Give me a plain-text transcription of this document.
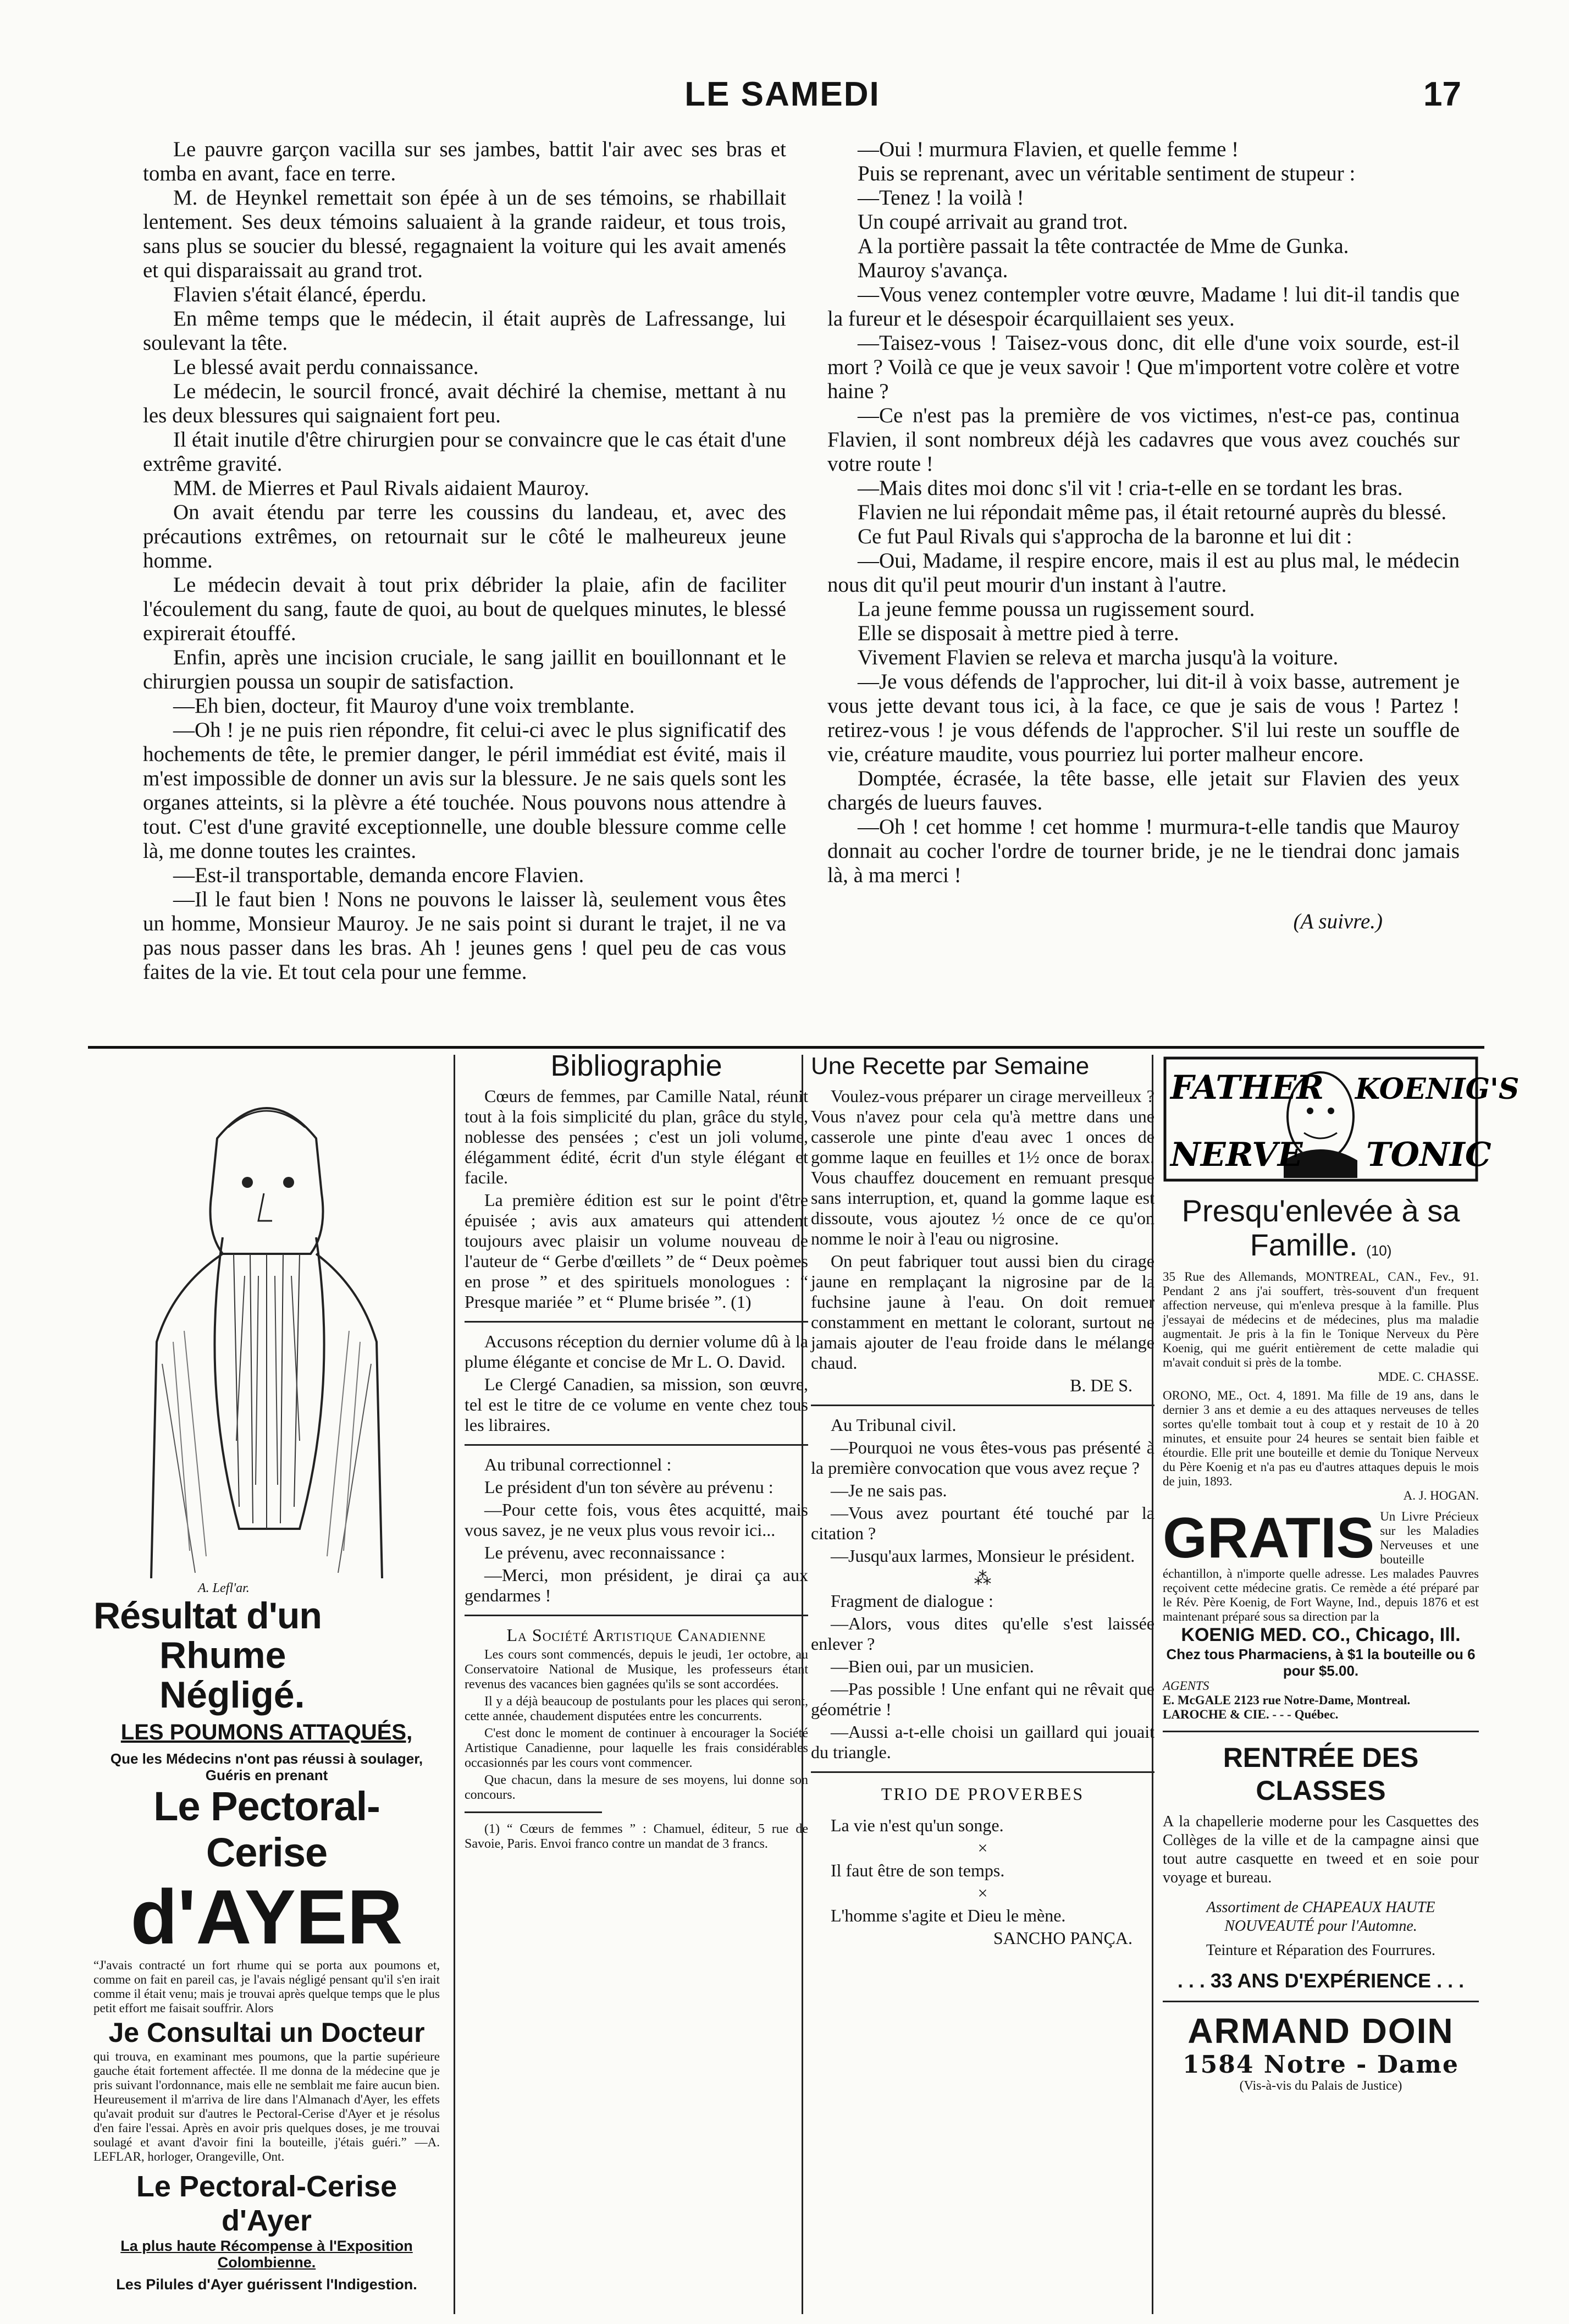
LE SAMEDI	17

Le pauvre garçon vacilla sur ses jambes, battit l'air avec ses bras et tomba en avant, face en terre.

M. de Heynkel remettait son épée à un de ses témoins, se rhabillait lentement. Ses deux témoins saluaient à la grande raideur, et tous trois, sans plus se soucier du blessé, regagnaient la voiture qui les avait amenés et qui disparaissait au grand trot.

Flavien s'était élancé, éperdu.

En même temps que le médecin, il était auprès de Lafressange, lui soulevant la tête.

Le blessé avait perdu connaissance.

Le médecin, le sourcil froncé, avait déchiré la chemise, mettant à nu les deux blessures qui saignaient fort peu.

Il était inutile d'être chirurgien pour se convaincre que le cas était d'une extrême gravité.

MM. de Mierres et Paul Rivals aidaient Mauroy.

On avait étendu par terre les coussins du landeau, et, avec des précautions extrêmes, on retournait sur le côté le malheureux jeune homme.

Le médecin devait à tout prix débrider la plaie, afin de faciliter l'écoulement du sang, faute de quoi, au bout de quelques minutes, le blessé expirerait étouffé.

Enfin, après une incision cruciale, le sang jaillit en bouillonnant et le chirurgien poussa un soupir de satisfaction.

—Eh bien, docteur, fit Mauroy d'une voix tremblante.

—Oh ! je ne puis rien répondre, fit celui-ci avec le plus significatif des hochements de tête, le premier danger, le péril immédiat est évité, mais il m'est impossible de donner un avis sur la blessure. Je ne sais quels sont les organes atteints, si la plèvre a été touchée. Nous pouvons nous attendre à tout. C'est d'une gravité exceptionnelle, une double blessure comme celle là, me donne toutes les craintes.

—Est-il transportable, demanda encore Flavien.

—Il le faut bien ! Nons ne pouvons le laisser là, seulement vous êtes un homme, Monsieur Mauroy. Je ne sais point si durant le trajet, il ne va pas nous passer dans les bras. Ah ! jeunes gens ! quel peu de cas vous faites de la vie. Et tout cela pour une femme.

—Oui ! murmura Flavien, et quelle femme !

Puis se reprenant, avec un véritable sentiment de stupeur :

—Tenez ! la voilà !

Un coupé arrivait au grand trot.

A la portière passait la tête contractée de Mme de Gunka.

Mauroy s'avança.

—Vous venez contempler votre œuvre, Madame ! lui dit-il tandis que la fureur et le désespoir écarquillaient ses yeux.

—Taisez-vous ! Taisez-vous donc, dit elle d'une voix sourde, est-il mort ? Voilà ce que je veux savoir ! Que m'importent votre colère et votre haine ?

—Ce n'est pas la première de vos victimes, n'est-ce pas, continua Flavien, il sont nombreux déjà les cadavres que vous avez couchés sur votre route !

—Mais dites moi donc s'il vit ! cria-t-elle en se tordant les bras.

Flavien ne lui répondait même pas, il était retourné auprès du blessé.

Ce fut Paul Rivals qui s'approcha de la baronne et lui dit :

—Oui, Madame, il respire encore, mais il est au plus mal, le médecin nous dit qu'il peut mourir d'un instant à l'autre.

La jeune femme poussa un rugissement sourd.

Elle se disposait à mettre pied à terre.

Vivement Flavien se releva et marcha jusqu'à la voiture.

—Je vous défends de l'approcher, lui dit-il à voix basse, autrement je vous jette devant tous ici, à la face, ce que je sais de vous ! Partez ! retirez-vous ! je vous défends de l'approcher. S'il lui reste un souffle de vie, créature maudite, vous pourriez lui porter malheur encore.

Domptée, écrasée, la tête basse, elle jetait sur Flavien des yeux chargés de lueurs fauves.

—Oh ! cet homme ! cet homme ! murmura-t-elle tandis que Mauroy donnait au cocher l'ordre de tourner bride, je ne le tiendrai donc jamais là, à ma merci !

(A suivre.)

A. Lefl'ar.
Résultat d'un
Rhume Négligé.
LES POUMONS ATTAQUÉS,
Que les Médecins n'ont pas réussi à soulager,
Guéris en prenant
Le Pectoral-Cerise
d'AYER
“J'avais contracté un fort rhume qui se porta aux poumons et, comme on fait en pareil cas, je l'avais négligé pensant qu'il s'en irait comme il était venu; mais je trouvai après quelque temps que le plus petit effort me faisait souffrir. Alors
Je Consultai un Docteur
qui trouva, en examinant mes poumons, que la partie supérieure gauche était fortement affectée. Il me donna de la médecine que je pris suivant l'ordonnance, mais elle ne semblait me faire aucun bien. Heureusement il m'arriva de lire dans l'Almanach d'Ayer, les effets qu'avait produit sur d'autres le Pectoral-Cerise d'Ayer et je résolus d'en faire l'essai. Après en avoir pris quelques doses, je me trouvai soulagé et avant d'avoir fini la bouteille, j'étais guéri.” —A. LEFLAR, horloger, Orangeville, Ont.
Le Pectoral-Cerise d'Ayer
La plus haute Récompense à l'Exposition Colombienne.
Les Pilules d'Ayer guérissent l'Indigestion.
Bibliographie

Cœurs de femmes, par Camille Natal, réunit tout à la fois simplicité du plan, grâce du style, noblesse des pensées ; c'est un joli volume, élégamment édité, écrit d'un style élégant et facile.

La première édition est sur le point d'être épuisée ; avis aux amateurs qui attendent toujours avec plaisir un volume nouveau de l'auteur de “ Gerbe d'œillets ” de “ Deux poèmes en prose ” et des spirituels monologues : “ Presque mariée ” et “ Plume brisée ”. (1)

Accusons réception du dernier volume dû à la plume élégante et concise de Mr L. O. David.

Le Clergé Canadien, sa mission, son œuvre, tel est le titre de ce volume en vente chez tous les libraires.

Au tribunal correctionnel :

Le président d'un ton sévère au prévenu :

—Pour cette fois, vous êtes acquitté, mais vous savez, je ne veux plus vous revoir ici...

Le prévenu, avec reconnaissance :

—Merci, mon président, je dirai ça aux gendarmes !

La Société Artistique Canadienne

Les cours sont commencés, depuis le jeudi, 1er octobre, au Conservatoire National de Musique, les professeurs étant revenus des vacances bien gagnées qu'ils se sont accordées.

Il y a déjà beaucoup de postulants pour les places qui seront, cette année, chaudement disputées entre les concurrents.

C'est donc le moment de continuer à encourager la Société Artistique Canadienne, pour laquelle les frais considérables occasionnés par les cours vont commencer.

Que chacun, dans la mesure de ses moyens, lui donne son concours.

(1) “ Cœurs de femmes ” : Chamuel, éditeur, 5 rue de Savoie, Paris. Envoi franco contre un mandat de 3 francs.

Une Recette par Semaine

Voulez-vous préparer un cirage merveilleux ? Vous n'avez pour cela qu'à mettre dans une casserole une pinte d'eau avec 1 onces de gomme laque en feuilles et 1½ once de borax. Vous chauffez doucement en remuant presque sans interruption, et, quand la gomme laque est dissoute, vous ajoutez ½ once de ce qu'on nomme le noir à l'eau ou nigrosine.

On peut fabriquer tout aussi bien du cirage jaune en remplaçant la nigrosine par de la fuchsine jaune à l'eau. On doit remuer constamment en mettant le colorant, surtout ne jamais ajouter de l'eau froide dans le mélange chaud.

B. DE S.

Au Tribunal civil.

—Pourquoi ne vous êtes-vous pas présenté à la première convocation que vous avez reçue ?

—Je ne sais pas.

—Vous avez pourtant été touché par la citation ?

—Jusqu'aux larmes, Monsieur le président.

⁂

Fragment de dialogue :

—Alors, vous dites qu'elle s'est laissée enlever ?

—Bien oui, par un musicien.

—Pas possible ! Une enfant qui ne rêvait que géométrie !

—Aussi a-t-elle choisi un gaillard qui jouait du triangle.

TRIO DE PROVERBES

La vie n'est qu'un songe.

×

Il faut être de son temps.

×

L'homme s'agite et Dieu le mène.

SANCHO PANÇA.

FATHER KOENIG'S
NERVE TONIC
Presqu'enlevée à sa Famille. (10)
35 Rue des Allemands, MONTREAL, CAN., Fev., 91. Pendant 2 ans j'ai souffert, très-souvent d'un frequent affection nerveuse, qui m'enleva presque à la famille. Plus j'essayai de médecins et de médecines, plus ma maladie augmentait. Je pris à la fin le Tonique Nerveux du Père Koenig, qui me guérit entièrement de cette maladie qui m'avait conduit si près de la tombe.
MDE. C. CHASSE.
ORONO, ME., Oct. 4, 1891. Ma fille de 19 ans, dans le dernier 3 ans et demie a eu des attaques nerveuses de telles sortes qu'elle tombait tout à coup et y restait de 10 à 20 minutes, et ensuite pour 24 heures se sentait bien faible et étourdie. Elle prit une bouteille et demie du Tonique Nerveux du Père Koenig et n'a pas eu d'autres attaques depuis le mois de juin, 1893.
A. J. HOGAN.
GRATIS Un Livre Précieux sur les Maladies Nerveuses et une bouteille échantillon, à n'importe quelle adresse. Les malades Pauvres reçoivent cette médecine gratis. Ce remède a été préparé par le Rév. Père Koenig, de Fort Wayne, Ind., depuis 1876 et est maintenant préparé sous sa direction par la
KOENIG MED. CO., Chicago, Ill.
Chez tous Pharmaciens, à $1 la bouteille ou 6 pour $5.00.
AGENTS
E. McGALE 2123 rue Notre-Dame, Montreal.
LAROCHE & CIE. - - - Québec.
RENTRÉE DES CLASSES
A la chapellerie moderne pour les Casquettes des Collèges de la ville et de la campagne ainsi que tout autre casquette en tweed et en soie pour voyage et bureau.
Assortiment de CHAPEAUX HAUTE NOUVEAUTÉ pour l'Automne.
Teinture et Réparation des Fourrures.
. . . 33 ANS D'EXPÉRIENCE . . .
ARMAND DOIN
1584 Notre - Dame
(Vis-à-vis du Palais de Justice)
